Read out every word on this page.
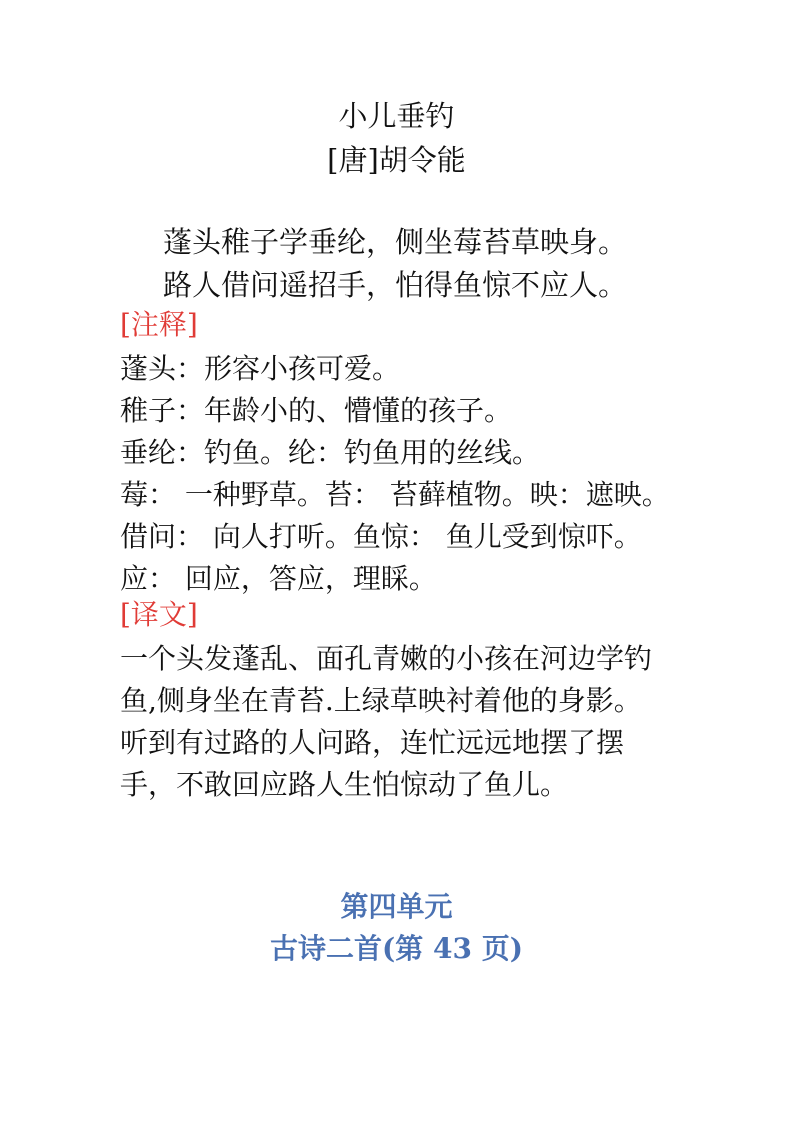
小儿垂钓
[唐]胡令能
蓬头稚子学垂纶，侧坐莓苔草映身。
路人借问遥招手，怕得鱼惊不应人。
[注释]
蓬头：形容小孩可爱。
稚子：年龄小的、懵懂的孩子。
垂纶：钓鱼。纶：钓鱼用的丝线。
莓： 一种野草。苔： 苔藓植物。映：遮映。
借问： 向人打听。鱼惊： 鱼儿受到惊吓。
应： 回应，答应，理睬。
[译文]
一个头发蓬乱、面孔青嫩的小孩在河边学钓
鱼,侧身坐在青苔.上绿草映衬着他的身影。
听到有过路的人问路，连忙远远地摆了摆
手，不敢回应路人生怕惊动了鱼儿。
第四单元
古诗二首(第 43 页)
